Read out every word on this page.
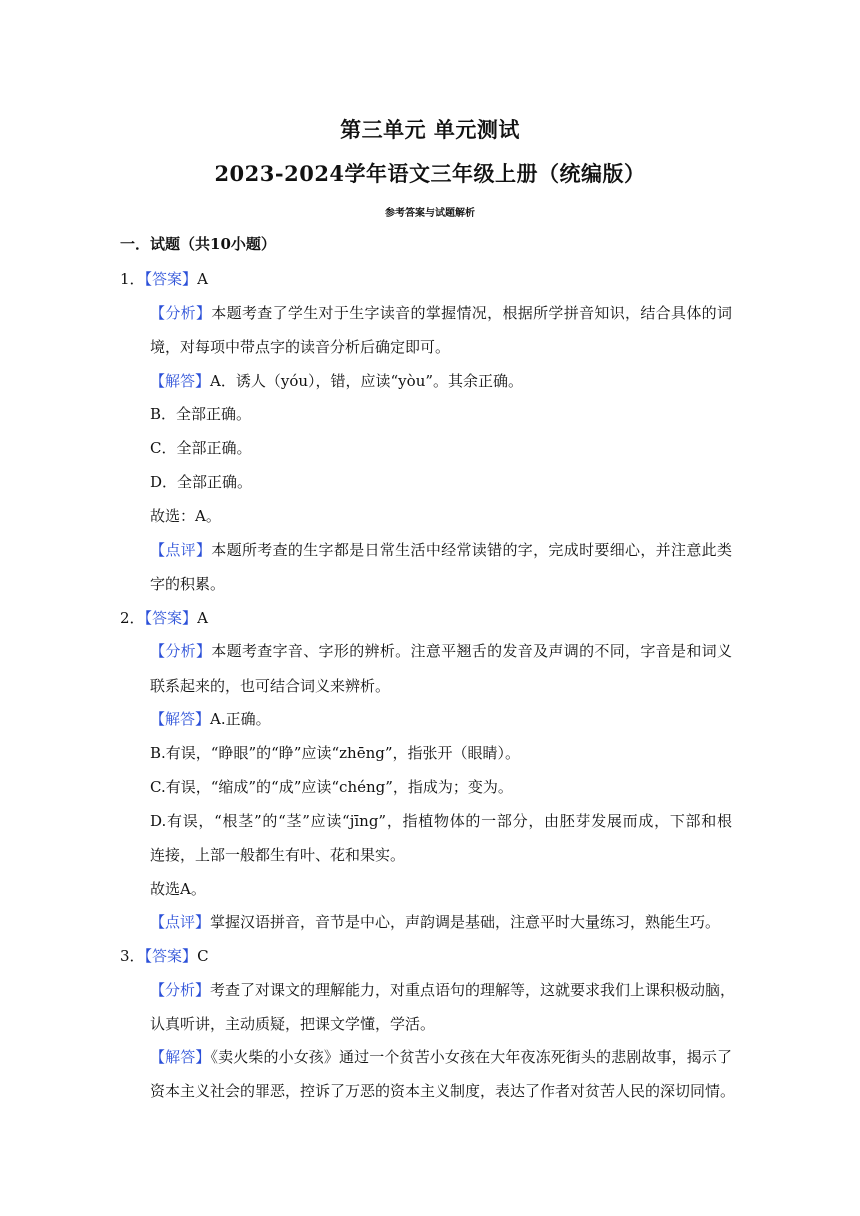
第三单元 单元测试
2023-2024学年语文三年级上册（统编版）
参考答案与试题解析
一．试题（共10小题）
1．【答案】A
【分析】本题考查了学生对于生字读音的掌握情况，根据所学拼音知识，结合具体的词
境，对每项中带点字的读音分析后确定即可。
【解答】A．诱人（yóu），错，应读“yòu”。其余正确。
B．全部正确。
C．全部正确。
D．全部正确。
故选：A。
【点评】本题所考查的生字都是日常生活中经常读错的字，完成时要细心，并注意此类
字的积累。
2．【答案】A
【分析】本题考查字音、字形的辨析。注意平翘舌的发音及声调的不同，字音是和词义
联系起来的，也可结合词义来辨析。
【解答】A.正确。
B.有误，“睁眼”的“睁”应读“zhēng”，指张开（眼睛）。
C.有误，“缩成”的“成”应读“chéng”，指成为；变为。
D.有误，“根茎”的“茎”应读“jīng”，指植物体的一部分，由胚芽发展而成，下部和根
连接，上部一般都生有叶、花和果实。
故选A。
【点评】掌握汉语拼音，音节是中心，声韵调是基础，注意平时大量练习，熟能生巧。
3．【答案】C
【分析】考查了对课文的理解能力，对重点语句的理解等，这就要求我们上课积极动脑，
认真听讲，主动质疑，把课文学懂，学活。
【解答】《卖火柴的小女孩》通过一个贫苦小女孩在大年夜冻死街头的悲剧故事，揭示了
资本主义社会的罪恶，控诉了万恶的资本主义制度，表达了作者对贫苦人民的深切同情。
